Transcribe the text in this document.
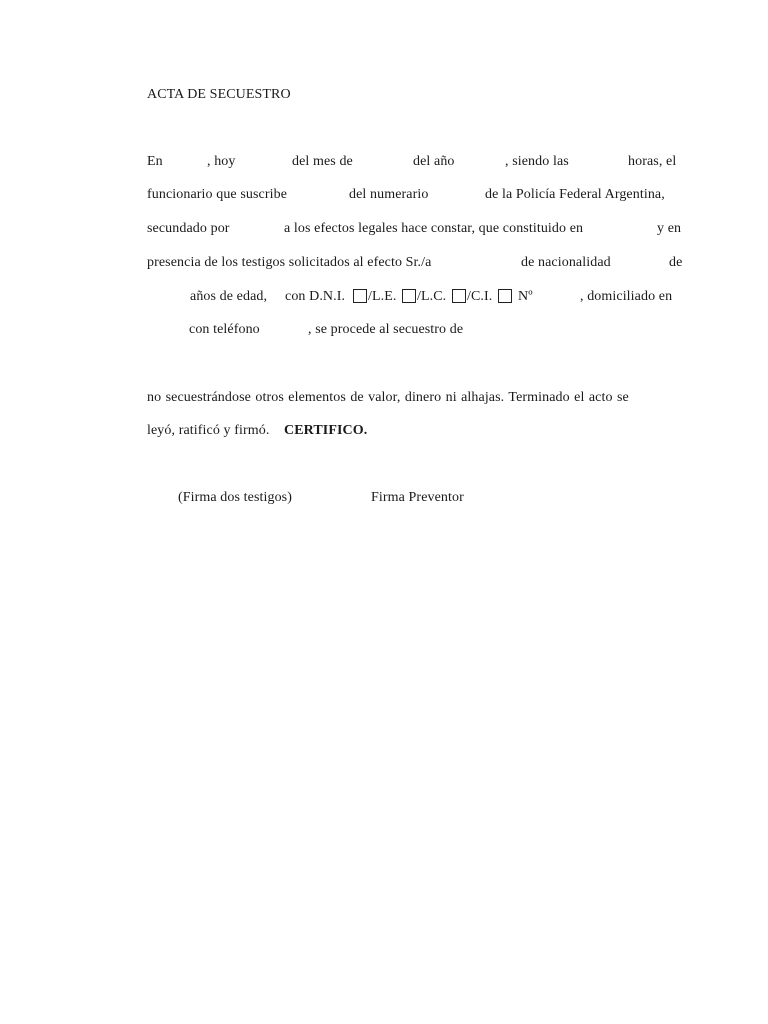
ACTA DE SECUESTRO
En	, hoy	del mes de	del año	, siendo las	horas, el
funcionario que suscribe	del numerario	de la Policía Federal Argentina,
secundado por	a los efectos legales hace constar, que constituido en	y en
presencia de los testigos solicitados al efecto Sr./a	de nacionalidad	de
años de edad, con D.N.I. /L.E. /L.C. /C.I. Nº	, domiciliado en
con teléfono	, se procede al secuestro de
no secuestrándose otros elementos de valor, dinero ni alhajas. Terminado el acto se
leyó, ratificó y firmó. CERTIFICO.
(Firma dos testigos)	Firma Preventor
